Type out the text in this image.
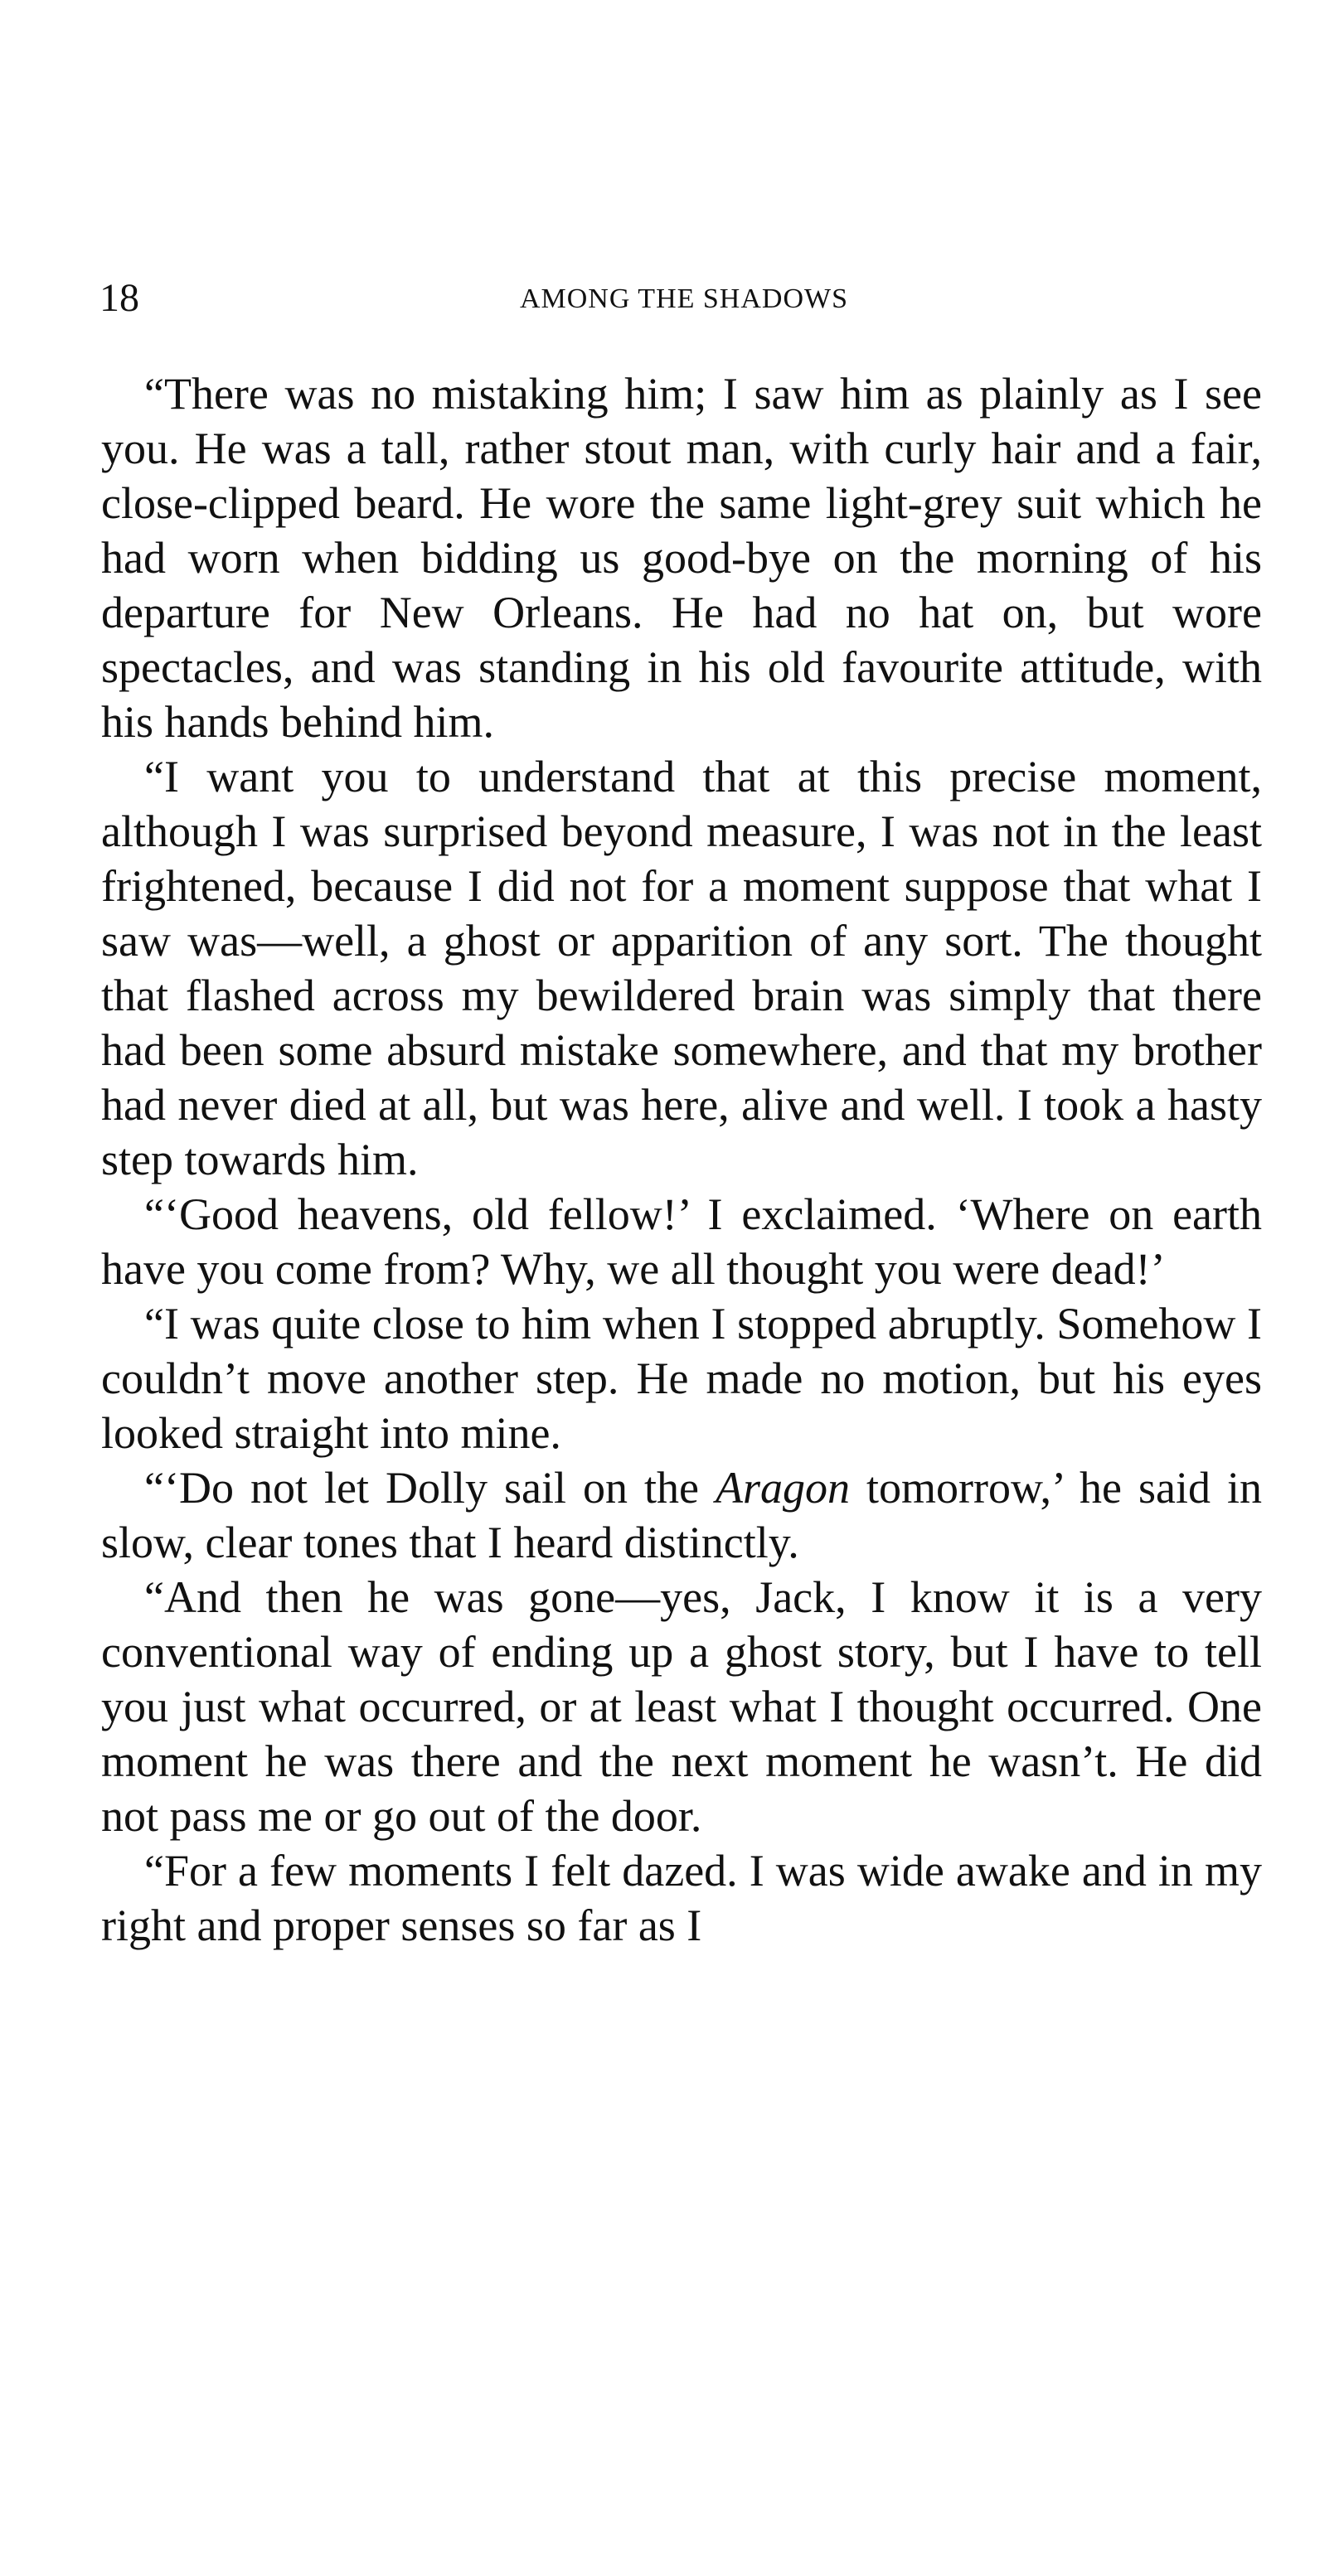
18	AMONG THE SHADOWS

“There was no mistaking him; I saw him as plainly as I see you. He was a tall, rather stout man, with curly hair and a fair, close-clipped beard. He wore the same light-grey suit which he had worn when bidding us good-bye on the morning of his departure for New Orleans. He had no hat on, but wore spectacles, and was standing in his old favourite attitude, with his hands behind him.

“I want you to understand that at this precise moment, although I was surprised beyond measure, I was not in the least frightened, because I did not for a moment suppose that what I saw was—well, a ghost or apparition of any sort. The thought that flashed across my bewildered brain was simply that there had been some absurd mistake somewhere, and that my brother had never died at all, but was here, alive and well. I took a hasty step towards him.

“‘Good heavens, old fellow!’ I exclaimed. ‘Where on earth have you come from? Why, we all thought you were dead!’

“I was quite close to him when I stopped abruptly. Somehow I couldn’t move another step. He made no motion, but his eyes looked straight into mine.

“‘Do not let Dolly sail on the Aragon tomorrow,’ he said in slow, clear tones that I heard distinctly.

“And then he was gone—yes, Jack, I know it is a very conventional way of ending up a ghost story, but I have to tell you just what occurred, or at least what I thought occurred. One moment he was there and the next moment he wasn’t. He did not pass me or go out of the door.

“For a few moments I felt dazed. I was wide awake and in my right and proper senses so far as I
